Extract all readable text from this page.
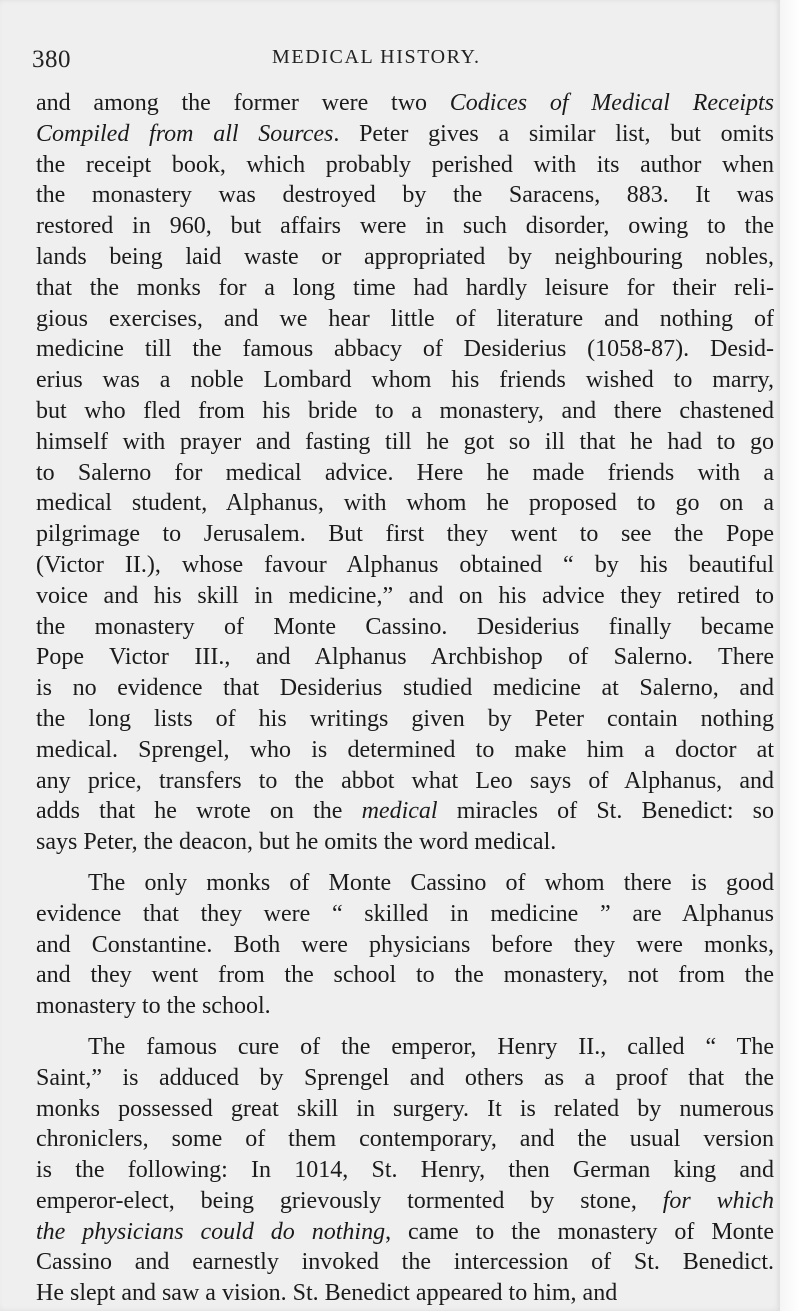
380	MEDICAL HISTORY.
and among the former were two Codices of Medical Receipts
Compiled from all Sources. Peter gives a similar list, but omits
the receipt book, which probably perished with its author when
the monastery was destroyed by the Saracens, 883. It was
restored in 960, but affairs were in such disorder, owing to the
lands being laid waste or appropriated by neighbouring nobles,
that the monks for a long time had hardly leisure for their reli-
gious exercises, and we hear little of literature and nothing of
medicine till the famous abbacy of Desiderius (1058-87). Desid-
erius was a noble Lombard whom his friends wished to marry,
but who fled from his bride to a monastery, and there chastened
himself with prayer and fasting till he got so ill that he had to go
to Salerno for medical advice. Here he made friends with a
medical student, Alphanus, with whom he proposed to go on a
pilgrimage to Jerusalem. But first they went to see the Pope
(Victor II.), whose favour Alphanus obtained “ by his beautiful
voice and his skill in medicine,” and on his advice they retired to
the monastery of Monte Cassino. Desiderius finally became
Pope Victor III., and Alphanus Archbishop of Salerno. There
is no evidence that Desiderius studied medicine at Salerno, and
the long lists of his writings given by Peter contain nothing
medical. Sprengel, who is determined to make him a doctor at
any price, transfers to the abbot what Leo says of Alphanus, and
adds that he wrote on the medical miracles of St. Benedict: so
says Peter, the deacon, but he omits the word medical.
The only monks of Monte Cassino of whom there is good
evidence that they were “ skilled in medicine ” are Alphanus
and Constantine. Both were physicians before they were monks,
and they went from the school to the monastery, not from the
monastery to the school.
The famous cure of the emperor, Henry II., called “ The
Saint,” is adduced by Sprengel and others as a proof that the
monks possessed great skill in surgery. It is related by numerous
chroniclers, some of them contemporary, and the usual version
is the following: In 1014, St. Henry, then German king and
emperor-elect, being grievously tormented by stone, for which
the physicians could do nothing, came to the monastery of Monte
Cassino and earnestly invoked the intercession of St. Benedict.
He slept and saw a vision. St. Benedict appeared to him, and
